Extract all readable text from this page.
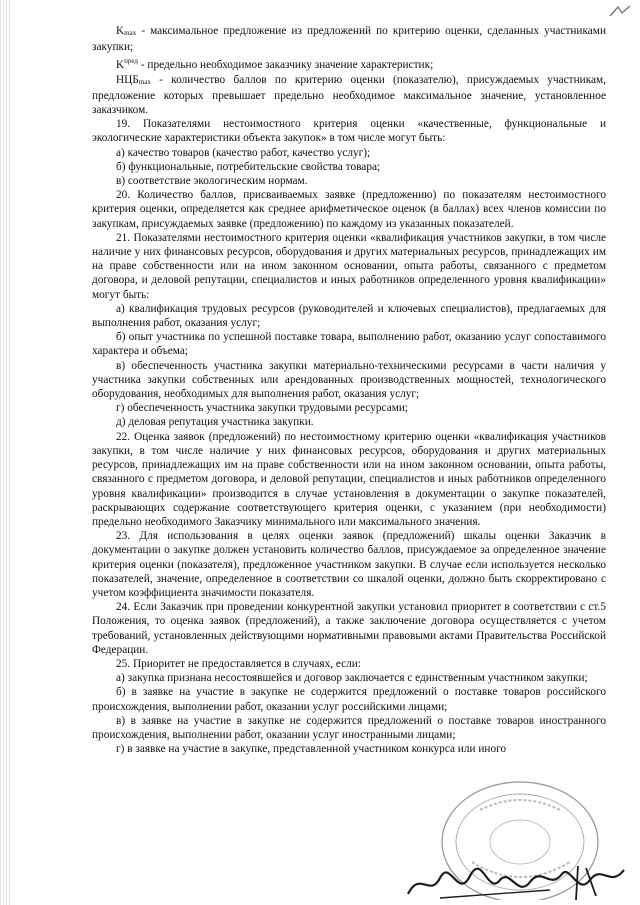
Kmax - максимальное предложение из предложений по критерию оценки, сделанных участниками закупки;

$K^{пред}$ - предельно необходимое заказчику значение характеристик;

НЦБmax - количество баллов по критерию оценки (показателю), присуждаемых участникам, предложение которых превышает предельно необходимое максимальное значение, установленное заказчиком.

19. Показателями нестоимостного критерия оценки «качественные, функциональные и экологические характеристики объекта закупок» в том числе могут быть:

а) качество товаров (качество работ, качество услуг);

б) функциональные, потребительские свойства товара;

в) соответствие экологическим нормам.

20. Количество баллов, присваиваемых заявке (предложению) по показателям нестоимостного критерия оценки, определяется как среднее арифметическое оценок (в баллах) всех членов комиссии по закупкам, присуждаемых заявке (предложению) по каждому из указанных показателей.

21. Показателями нестоимостного критерия оценки «квалификация участников закупки, в том числе наличие у них финансовых ресурсов, оборудования и других материальных ресурсов, принадлежащих им на праве собственности или на ином законном основании, опыта работы, связанного с предметом договора, и деловой репутации, специалистов и иных работников определенного уровня квалификации» могут быть:

а) квалификация трудовых ресурсов (руководителей и ключевых специалистов), предлагаемых для выполнения работ, оказания услуг;

б) опыт участника по успешной поставке товара, выполнению работ, оказанию услуг сопоставимого характера и объема;

в) обеспеченность участника закупки материально-техническими ресурсами в части наличия у участника закупки собственных или арендованных производственных мощностей, технологического оборудования, необходимых для выполнения работ, оказания услуг;

г) обеспеченность участника закупки трудовыми ресурсами;

д) деловая репутация участника закупки.

22. Оценка заявок (предложений) по нестоимостному критерию оценки «квалификация участников закупки, в том числе наличие у них финансовых ресурсов, оборудования и других материальных ресурсов, принадлежащих им на праве собственности или на ином законном основании, опыта работы, связанного с предметом договора, и деловой репутации, специалистов и иных работников определенного уровня квалификации» производится в случае установления в документации о закупке показателей, раскрывающих содержание соответствующего критерия оценки, с указанием (при необходимости) предельно необходимого Заказчику минимального или максимального значения.

23. Для использования в целях оценки заявок (предложений) шкалы оценки Заказчик в документации о закупке должен установить количество баллов, присуждаемое за определенное значение критерия оценки (показателя), предложенное участником закупки. В случае если используется несколько показателей, значение, определенное в соответствии со шкалой оценки, должно быть скорректировано с учетом коэффициента значимости показателя.

24. Если Заказчик при проведении конкурентной закупки установил приоритет в соответствии с ст.5 Положения, то оценка заявок (предложений), а также заключение договора осуществляется с учетом требований, установленных действующими нормативными правовыми актами Правительства Российской Федерации.

25. Приоритет не предоставляется в случаях, если:

а) закупка признана несостоявшейся и договор заключается с единственным участником закупки;

б) в заявке на участие в закупке не содержится предложений о поставке товаров российского происхождения, выполнении работ, оказании услуг российскими лицами;

в) в заявке на участие в закупке не содержится предложений о поставке товаров иностранного происхождения, выполнении работ, оказании услуг иностранными лицами;

г) в заявке на участие в закупке, представленной участником конкурса или иного
